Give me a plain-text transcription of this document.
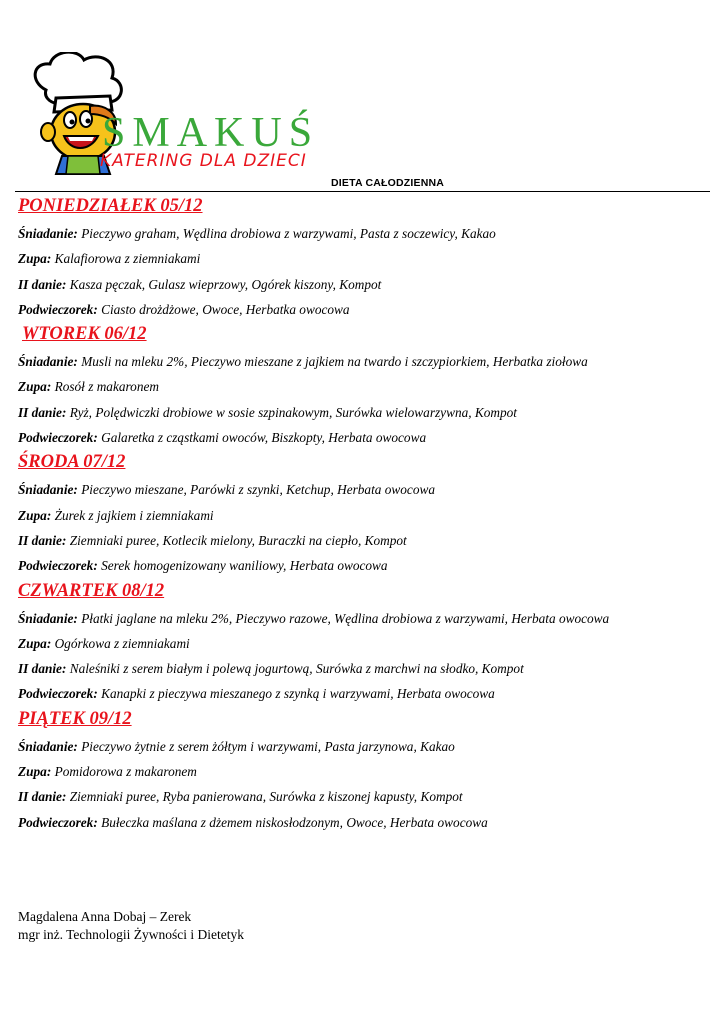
SMAKUŚ
KATERING DLA DZIECI
DIETA CAŁODZIENNA
PONIEDZIAŁEK 05/12
Śniadanie: Pieczywo graham, Wędlina drobiowa z warzywami, Pasta z soczewicy, Kakao
Zupa: Kalafiorowa z ziemniakami
II danie: Kasza pęczak, Gulasz wieprzowy, Ogórek kiszony, Kompot
Podwieczorek: Ciasto drożdżowe, Owoce, Herbatka owocowa
WTOREK 06/12
Śniadanie: Musli na mleku 2%, Pieczywo mieszane z jajkiem na twardo i szczypiorkiem, Herbatka ziołowa
Zupa: Rosół z makaronem
II danie: Ryż, Polędwiczki drobiowe w sosie szpinakowym, Surówka wielowarzywna, Kompot
Podwieczorek: Galaretka z cząstkami owoców, Biszkopty, Herbata owocowa
ŚRODA 07/12
Śniadanie: Pieczywo mieszane, Parówki z szynki, Ketchup, Herbata owocowa
Zupa: Żurek z jajkiem i ziemniakami
II danie: Ziemniaki puree, Kotlecik mielony, Buraczki na ciepło, Kompot
Podwieczorek: Serek homogenizowany waniliowy, Herbata owocowa
CZWARTEK 08/12
Śniadanie: Płatki jaglane na mleku 2%, Pieczywo razowe, Wędlina drobiowa z warzywami, Herbata owocowa
Zupa: Ogórkowa z ziemniakami
II danie: Naleśniki z serem białym i polewą jogurtową, Surówka z marchwi na słodko, Kompot
Podwieczorek: Kanapki z pieczywa mieszanego z szynką i warzywami, Herbata owocowa
PIĄTEK 09/12
Śniadanie: Pieczywo żytnie z serem żółtym i warzywami, Pasta jarzynowa, Kakao
Zupa: Pomidorowa z makaronem
II danie: Ziemniaki puree, Ryba panierowana, Surówka z kiszonej kapusty, Kompot
Podwieczorek: Bułeczka maślana z dżemem niskosłodzonym, Owoce, Herbata owocowa
Magdalena Anna Dobaj – Zerek
mgr inż. Technologii Żywności i Dietetyk
